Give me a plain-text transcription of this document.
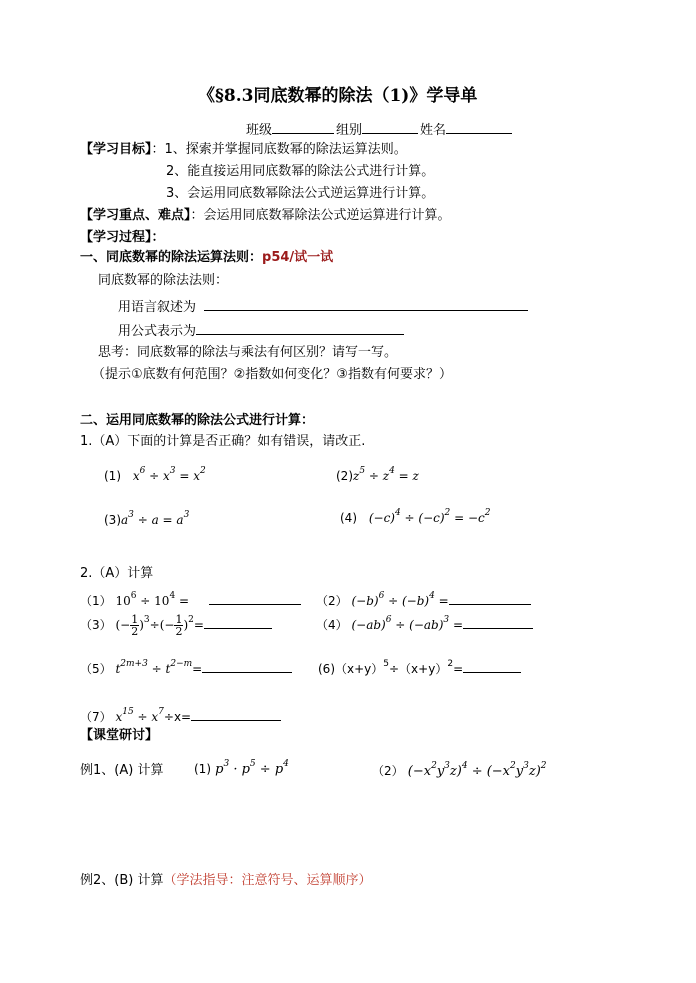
《§8.3同底数幂的除法（1)》学导单
班级	组别	姓名
【学习目标】：1、探索并掌握同底数幂的除法运算法则。
2、能直接运用同底数幂的除法公式进行计算。
3、会运用同底数幂除法公式逆运算进行计算。
【学习重点、难点】：会运用同底数幂除法公式逆运算进行计算。
【学习过程】：
一、同底数幂的除法运算法则：p54/试一试
同底数幂的除法法则：
用语言叙述为
用公式表示为
思考：同底数幂的除法与乘法有何区别？请写一写。
（提示①底数有何范围？②指数如何变化？③指数有何要求？）
二、运用同底数幂的除法公式进行计算：
1.（A）下面的计算是否正确？如有错误，请改正.
(1) $x^6 \div x^3 = x^2$	$(2)z^5 \div z^4 = z$
$(3)a^3 \div a = a^3$	(4) $(-c)^4 \div (-c)^2 = -c^2$
2.（A）计算
（1） $10^6 \div 10^4$ =	（2） $(-b)^6 \div (-b)^4$ =
（3） (− $\frac{1}{2} )^3\div(- \frac{1}{2} )^2=$	（4） $(-ab)^6 \div (-ab)^3$ =
（5） $t^{2m+3} \div t^{2-m}=$	$(6)(x+y)^5\div(x+y)^2=$
（7） $x^{15} \div x^7\div x=$
【课堂研讨】
例1、(A) 计算	(1) $p^3 \cdot p^5 \div p^4$	（2） $(-x^2y^3z)^4 \div (-x^2y^3z)^2$
例2、(B) 计算（学法指导：注意符号、运算顺序）
